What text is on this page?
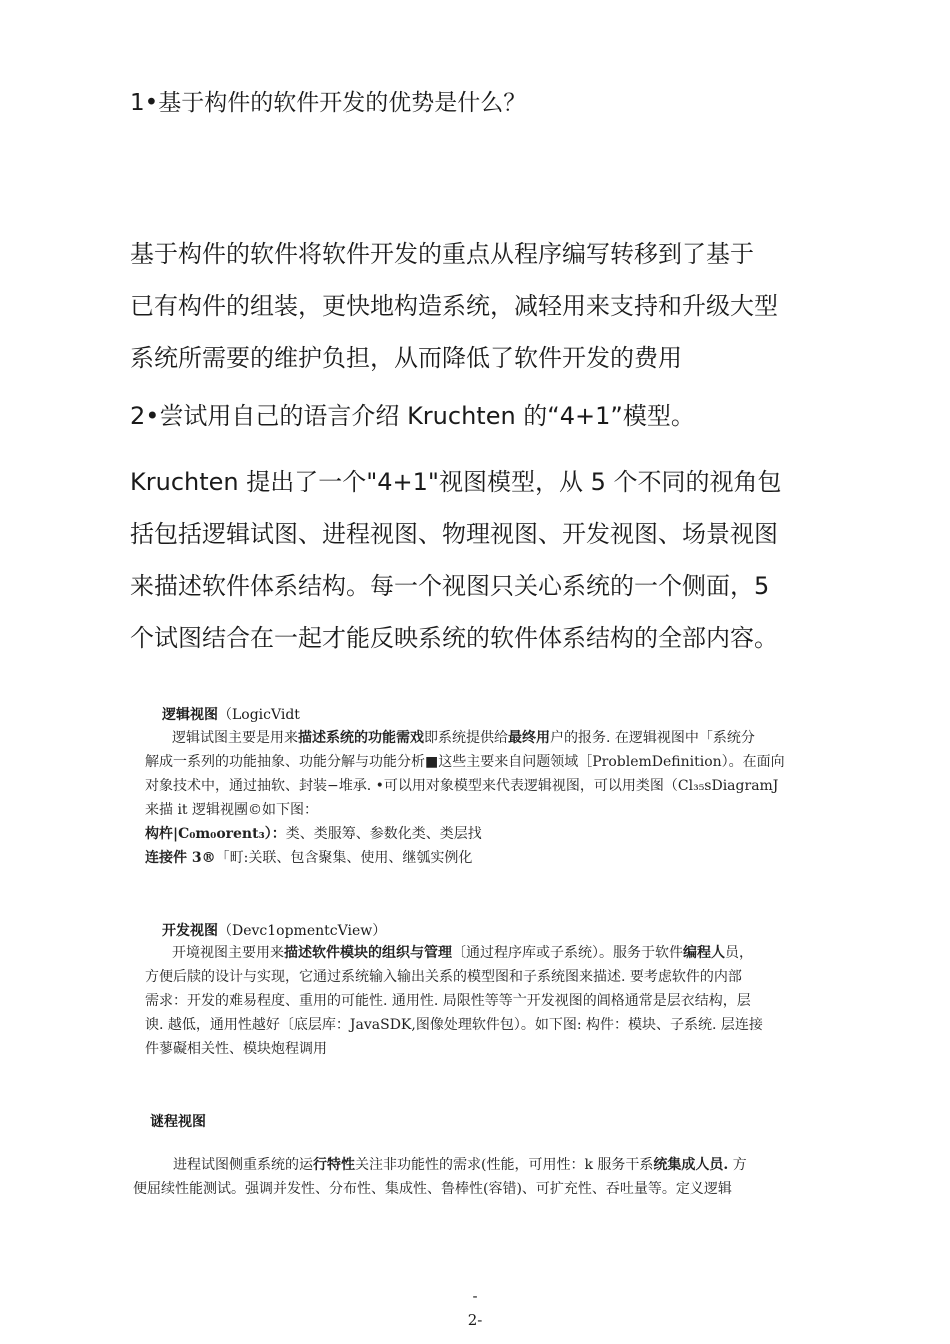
1•基于构件的软件开发的优势是什么？
基于构件的软件将软件开发的重点从程序编写转移到了基于
已有构件的组装，更快地构造系统，减轻用来支持和升级大型
系统所需要的维护负担，从而降低了软件开发的费用
2•尝试用自己的语言介绍 Kruchten 的“4+1”模型。
Kruchten 提出了一个"4+1"视图模型，从 5 个不同的视角包
括包括逻辑试图、进程视图、物理视图、开发视图、场景视图
来描述软件体系结构。每一个视图只关心系统的一个侧面，5
个试图结合在一起才能反映系统的软件体系结构的全部内容。
逻辑视图（LogicVidt
逻辑试图主要是用来描述系统的功能需戏即系统提供给最终用户的报务. 在逻辑视图中「系统分
解成一系列的功能抽象、功能分解与功能分析■这些主要来自问题领域［ProblemDefinition）。在面向
对象技术中，通过抽软、封装−堆承. •可以用对象模型来代表逻辑视图，可以用类图（Cl₃₅sDiagramJ
来描 it 逻辑视團©如下图：
构杵|C₀m₀orent₃）：类、类服筹、参数化类、类层找
连接件 3®「町:关联、包含聚集、使用、继瓠实例化
开发视图（Devc1opmentcView）
开境视图主要用来描述软件模块的组织与管理〔通过程序库或子系统）。服务于软件编程人员，
方便后牍的设计与实现，它通过系统输入输出关系的模型图和子系统图来描述. 要考虑软件的内部
需求：开发的难易程度、重用的可能性. 通用性. 局限性等等亠开发视图的阊格通常是层衣结构，层
谀. 越低，通用性越好〔底层库：JavaSDK,图像处理软件包）。如下图: 构件：模块、子系统. 层连接
件蓼礙相关性、模块炮程调用
谜程视图
进程试图侧重系统的运行特性关注非功能性的需求(性能，可用性：k 服务干系统集成人员. 方
便屈续性能测试。强调并发性、分布性、集成性、鲁棒性(容错)、可扩充性、吞吐量等。定义逻辑
-
2-
